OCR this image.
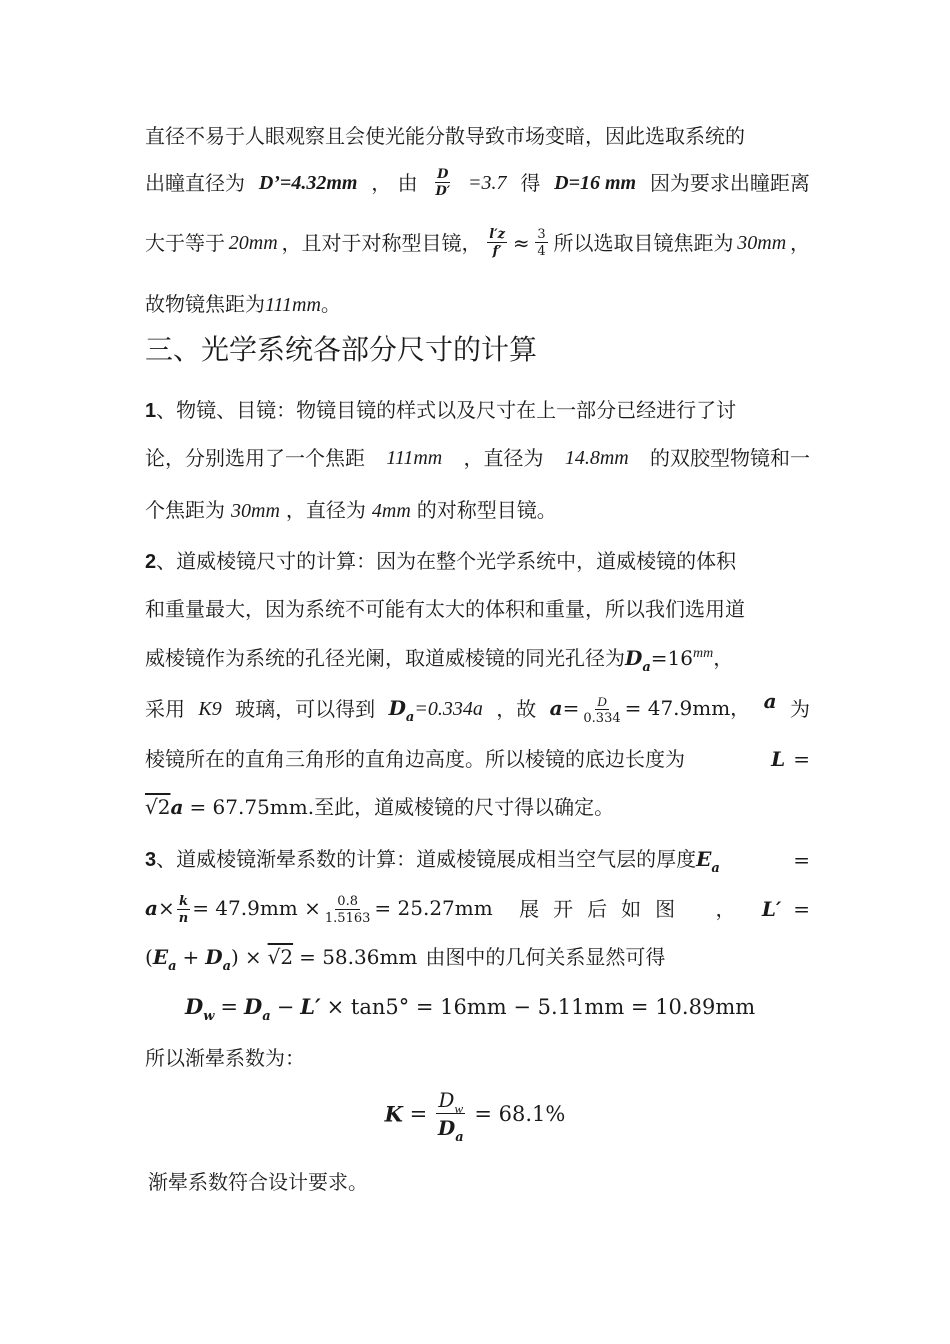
直径不易于人眼观察且会使光能分散导致市场变暗，因此选取系统的
出瞳直径为 D’=4.32mm ， 由 $\frac{D}{D'} =3.7$ 得 D=16 mm 因为要求出瞳距离
大于等于 20mm ，且对于对称型目镜， $\frac{l'z}{f'} \approx \frac{3}{4}$ 所以选取目镜焦距为 30mm ，
故物镜焦距为111mm。
三、光学系统各部分尺寸的计算
1、物镜、目镜：物镜目镜的样式以及尺寸在上一部分已经进行了讨
论，分别选用了一个焦距 111mm ，直径为 14.8mm 的双胶型物镜和一
个焦距为 30mm ，直径为 4mm 的对称型目镜。
2、道威棱镜尺寸的计算：因为在整个光学系统中，道威棱镜的体积
和重量最大，因为系统不可能有太大的体积和重量，所以我们选用道
威棱镜作为系统的孔径光阑，取道威棱镜的同光孔径为$D_a=16^{mm}$，
采用 K9 玻璃，可以得到 $D_a=0.334a$ ，故 $a= \frac{D}{0.334} = 47.9mm$， a 为
棱镜所在的直角三角形的直角边高度。所以棱镜的底边长度为	L =
√2a = 67.75mm.至此，道威棱镜的尺寸得以确定。
3、道威棱镜渐晕系数的计算：道威棱镜展成相当空气层的厚度$E_a$	=
$a\times \frac{k}{n} = 47.9mm \times \frac{0.8}{1.5163} = 25.27mm$ 展开后如图 ， L′ =
$(E_a + D_a) \times √2 = 58.36mm$ 由图中的几何关系显然可得
$D_w = D_a - L' \times \tan 5^\circ = 16mm - 5.11mm = 10.89mm$
所以渐晕系数为：
$K = \frac{D_w}{D_a} = 68.1\%$
渐晕系数符合设计要求。
